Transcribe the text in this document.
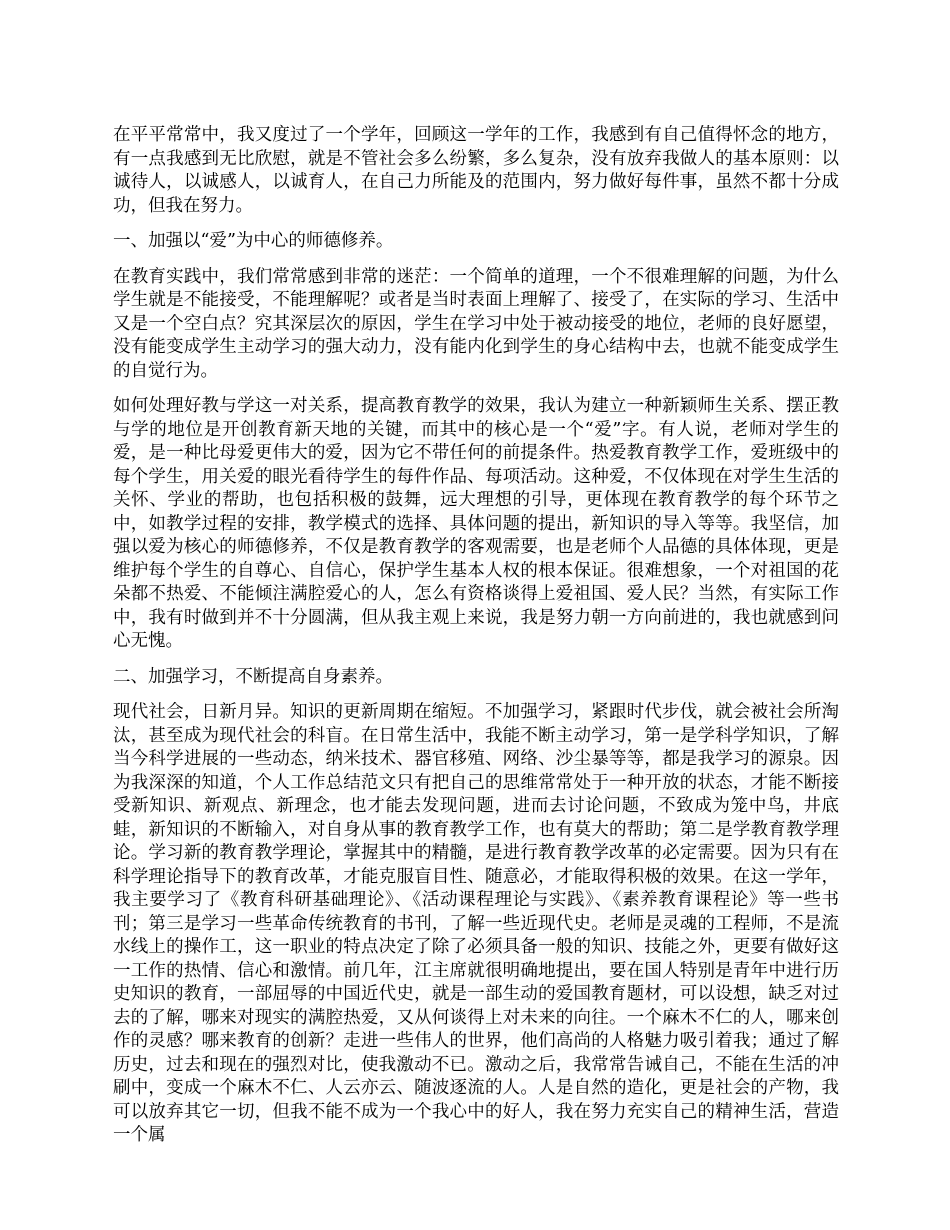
在平平常常中，我又度过了一个学年，回顾这一学年的工作，我感到有自己值得怀念的地方，有一点我感到无比欣慰，就是不管社会多么纷繁，多么复杂，没有放弃我做人的基本原则：以诚待人，以诚感人，以诚育人，在自己力所能及的范围内，努力做好每件事，虽然不都十分成功，但我在努力。

一、加强以“爱”为中心的师德修养。

在教育实践中，我们常常感到非常的迷茫：一个简单的道理，一个不很难理解的问题，为什么学生就是不能接受，不能理解呢？或者是当时表面上理解了、接受了，在实际的学习、生活中又是一个空白点？究其深层次的原因，学生在学习中处于被动接受的地位，老师的良好愿望，没有能变成学生主动学习的强大动力，没有能内化到学生的身心结构中去，也就不能变成学生的自觉行为。

如何处理好教与学这一对关系，提高教育教学的效果，我认为建立一种新颖师生关系、摆正教与学的地位是开创教育新天地的关键，而其中的核心是一个“爱”字。有人说，老师对学生的爱，是一种比母爱更伟大的爱，因为它不带任何的前提条件。热爱教育教学工作，爱班级中的每个学生，用关爱的眼光看待学生的每件作品、每项活动。这种爱，不仅体现在对学生生活的关怀、学业的帮助，也包括积极的鼓舞，远大理想的引导，更体现在教育教学的每个环节之中，如教学过程的安排，教学模式的选择、具体问题的提出，新知识的导入等等。我坚信，加强以爱为核心的师德修养，不仅是教育教学的客观需要，也是老师个人品德的具体体现，更是维护每个学生的自尊心、自信心，保护学生基本人权的根本保证。很难想象，一个对祖国的花朵都不热爱、不能倾注满腔爱心的人，怎么有资格谈得上爱祖国、爱人民？当然，有实际工作中，我有时做到并不十分圆满，但从我主观上来说，我是努力朝一方向前进的，我也就感到问心无愧。

二、加强学习，不断提高自身素养。

现代社会，日新月异。知识的更新周期在缩短。不加强学习，紧跟时代步伐，就会被社会所淘汰，甚至成为现代社会的科盲。在日常生活中，我能不断主动学习，第一是学科学知识，了解当今科学进展的一些动态，纳米技术、器官移殖、网络、沙尘暴等等，都是我学习的源泉。因为我深深的知道，个人工作总结范文只有把自己的思维常常处于一种开放的状态，才能不断接受新知识、新观点、新理念，也才能去发现问题，进而去讨论问题，不致成为笼中鸟，井底蛙，新知识的不断输入，对自身从事的教育教学工作，也有莫大的帮助；第二是学教育教学理论。学习新的教育教学理论，掌握其中的精髓，是进行教育教学改革的必定需要。因为只有在科学理论指导下的教育改革，才能克服盲目性、随意必，才能取得积极的效果。在这一学年，我主要学习了《教育科研基础理论》、《活动课程理论与实践》、《素养教育课程论》等一些书刊；第三是学习一些革命传统教育的书刊，了解一些近现代史。老师是灵魂的工程师，不是流水线上的操作工，这一职业的特点决定了除了必须具备一般的知识、技能之外，更要有做好这一工作的热情、信心和激情。前几年，江主席就很明确地提出，要在国人特别是青年中进行历史知识的教育，一部屈辱的中国近代史，就是一部生动的爱国教育题材，可以设想，缺乏对过去的了解，哪来对现实的满腔热爱，又从何谈得上对未来的向往。一个麻木不仁的人，哪来创作的灵感？哪来教育的创新？走进一些伟人的世界，他们高尚的人格魅力吸引着我；通过了解历史，过去和现在的强烈对比，使我激动不已。激动之后，我常常告诫自己，不能在生活的冲刷中，变成一个麻木不仁、人云亦云、随波逐流的人。人是自然的造化，更是社会的产物，我可以放弃其它一切，但我不能不成为一个我心中的好人，我在努力充实自己的精神生活，营造一个属
